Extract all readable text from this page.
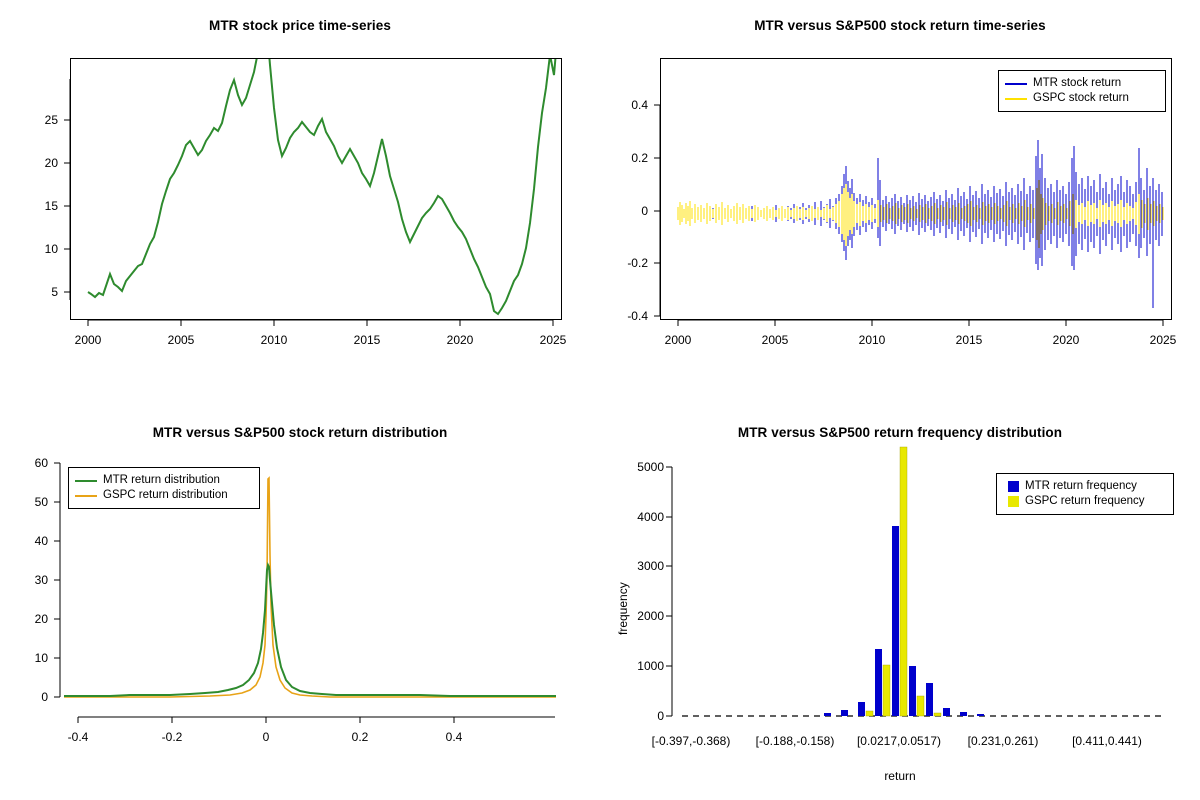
MTR stock price time-series
5
10
15
20
25
2000	2005	2010	2015	2020	2025
MTR versus S&P500 stock return time-series
MTR stock return
GSPC stock return
-0.4
-0.2
0
0.2
0.4
2000	2005	2010	2015	2020	2025
MTR versus S&P500 stock return distribution
MTR return distribution
GSPC return distribution
0
10
20
30
40
50
60
-0.4	-0.2	0	0.2	0.4
MTR versus S&P500 return frequency distribution
MTR return frequency
GSPC return frequency
0
1000
2000
3000
4000
5000
frequency
[-0.397,-0.368)	[-0.188,-0.158)	[0.0217,0.0517)	[0.231,0.261)	[0.411,0.441)
return
